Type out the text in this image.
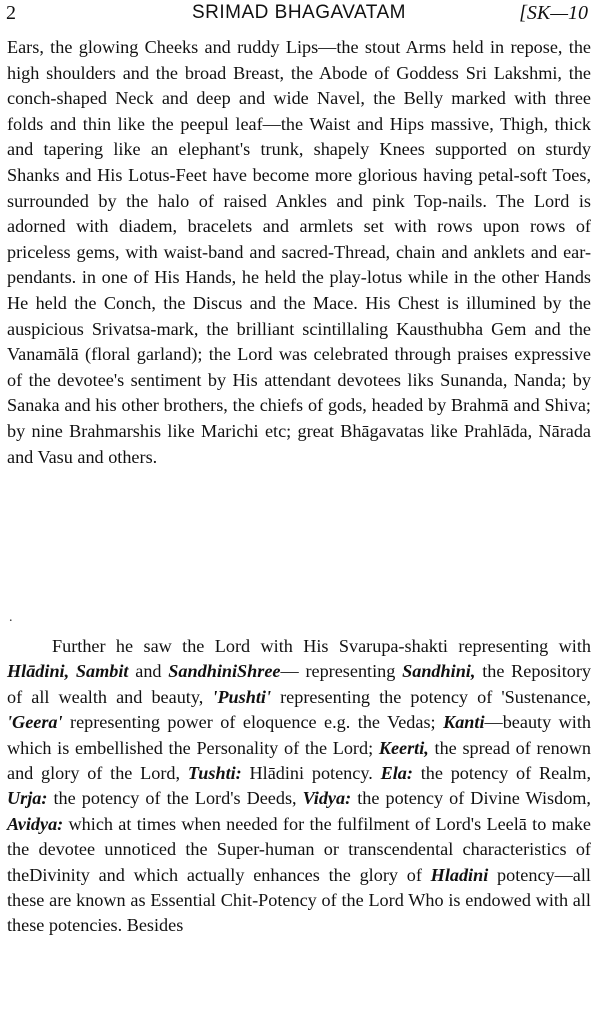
2	SRIMAD BHAGAVATAM	[SK—10

Ears, the glowing Cheeks and ruddy Lips—the stout Arms held in repose, the high shoulders and the broad Breast, the Abode of Goddess Sri Lakshmi, the conch-shaped Neck and deep and wide Navel, the Belly marked with three folds and thin like the peepul leaf—the Waist and Hips massive, Thigh, thick and tapering like an elephant's trunk, shapely Knees supported on sturdy Shanks and His Lotus-Feet have become more glorious having petal-soft Toes, surrounded by the halo of raised Ankles and pink Top-nails. The Lord is adorned with diadem, bracelets and armlets set with rows upon rows of priceless gems, with waist-band and sacred-Thread, chain and anklets and ear-pendants. in one of His Hands, he held the play-lotus while in the other Hands He held the Conch, the Discus and the Mace. His Chest is illumined by the auspicious Srivatsa-mark, the brilliant scintillaling Kausthubha Gem and the Vanamālā (floral garland); the Lord was celebrated through praises expressive of the devotee's sentiment by His attendant devotees liks Sunanda, Nanda; by Sanaka and his other brothers, the chiefs of gods, headed by Brahmā and Shiva; by nine Brahmarshis like Marichi etc; great Bhāgavatas like Prahlāda, Nārada and Vasu and others.

.

Further he saw the Lord with His Svarupa-shakti representing with Hlādini, Sambit and SandhiniShree— representing Sandhini, the Repository of all wealth and beauty, 'Pushti' representing the potency of 'Sustenance, 'Geera' representing power of eloquence e.g. the Vedas; Kanti—beauty with which is embellished the Personality of the Lord; Keerti, the spread of renown and glory of the Lord, Tushti: Hlādini potency. Ela: the potency of Realm, Urja: the potency of the Lord's Deeds, Vidya: the potency of Divine Wisdom, Avidya: which at times when needed for the fulfilment of Lord's Leelā to make the devotee unnoticed the Super-human or transcendental characteristics of theDivinity and which actually enhances the glory of Hladini potency—all these are known as Essential Chit-Potency of the Lord Who is endowed with all these potencies. Besides
